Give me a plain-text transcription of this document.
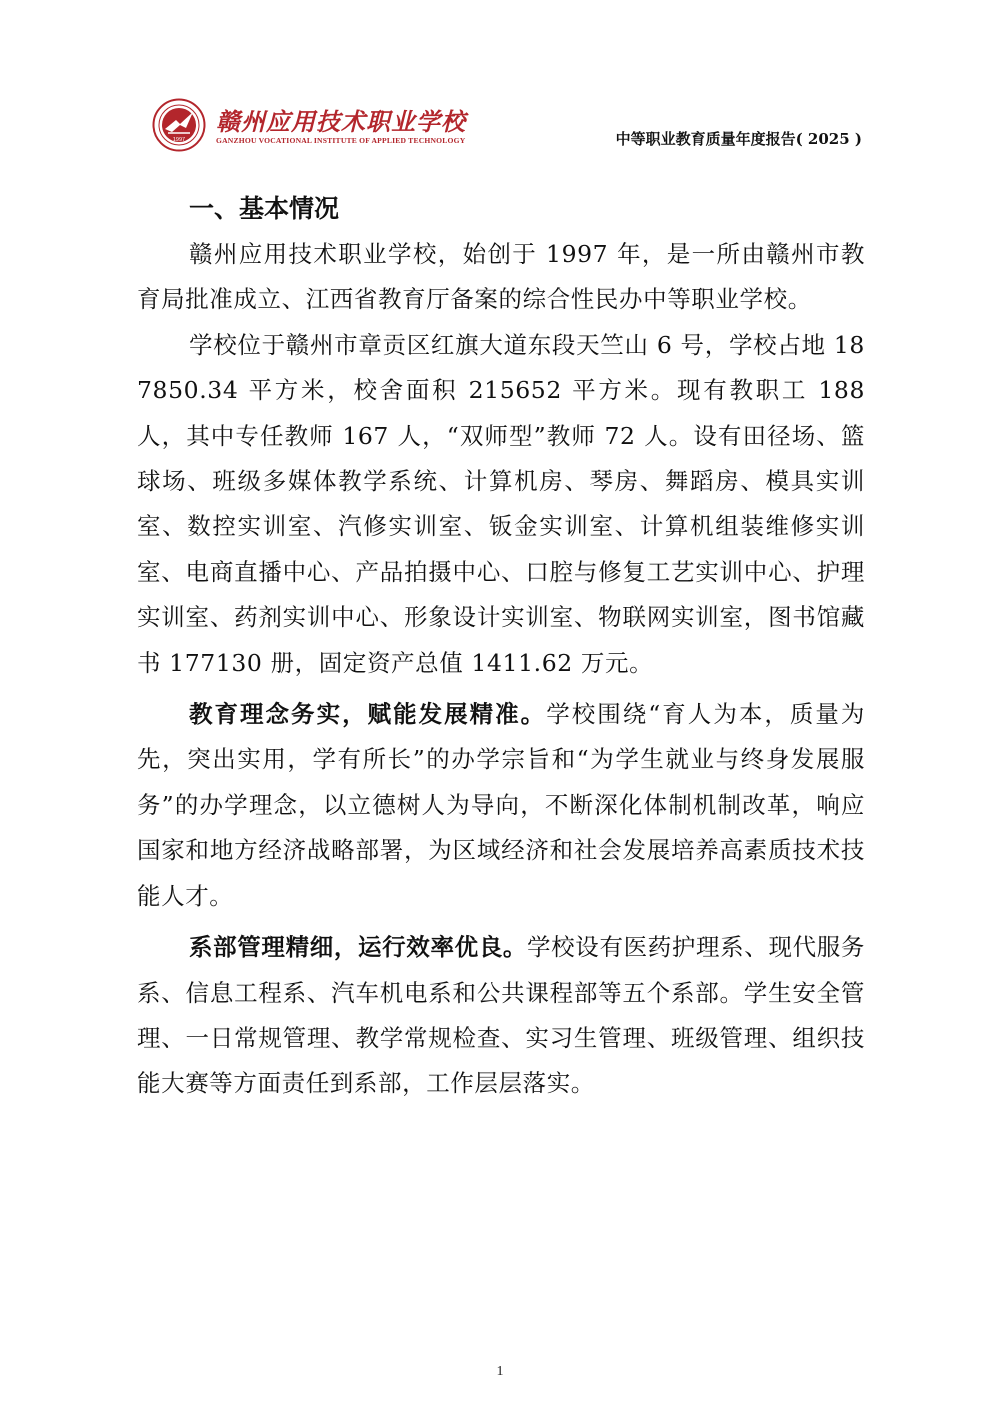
1997
赣州应用技术职业学校
GANZHOU VOCATIONAL INSTITUTE OF APPLIED TECHNOLOGY	中等职业教育质量年度报告( 2025 )
一、基本情况

赣州应用技术职业学校，始创于 1997 年，是一所由赣州市教育局批准成立、江西省教育厅备案的综合性民办中等职业学校。

学校位于赣州市章贡区红旗大道东段天竺山 6 号，学校占地 187850.34 平方米，校舍面积 215652 平方米。现有教职工 188 人，其中专任教师 167 人，“双师型”教师 72 人。设有田径场、篮球场、班级多媒体教学系统、计算机房、琴房、舞蹈房、模具实训室、数控实训室、汽修实训室、钣金实训室、计算机组装维修实训室、电商直播中心、产品拍摄中心、口腔与修复工艺实训中心、护理实训室、药剂实训中心、形象设计实训室、物联网实训室，图书馆藏书 177130 册，固定资产总值 1411.62 万元。

教育理念务实，赋能发展精准。学校围绕“育人为本，质量为先，突出实用，学有所长”的办学宗旨和“为学生就业与终身发展服务”的办学理念，以立德树人为导向，不断深化体制机制改革，响应国家和地方经济战略部署，为区域经济和社会发展培养高素质技术技能人才。

系部管理精细，运行效率优良。学校设有医药护理系、现代服务系、信息工程系、汽车机电系和公共课程部等五个系部。学生安全管理、一日常规管理、教学常规检查、实习生管理、班级管理、组织技能大赛等方面责任到系部，工作层层落实。

1
